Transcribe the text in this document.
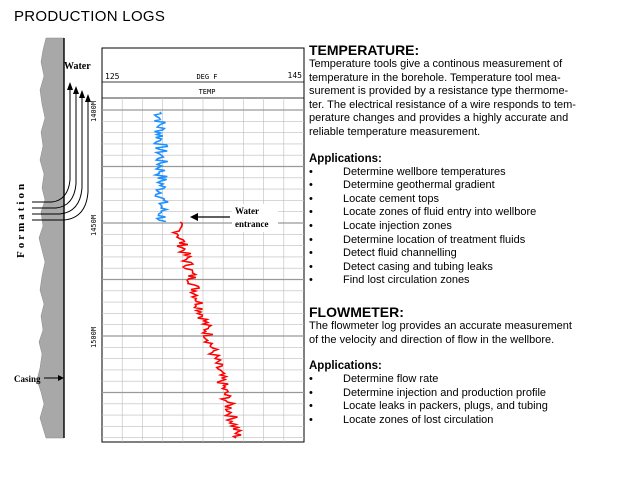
PRODUCTION LOGS
Water
Formation
Casing
125	DEG F	145
TEMP
1400M
1450M
1500M
Water
entrance
TEMPERATURE:
Temperature tools give a continous measurement of
temperature in the borehole. Temperature tool mea-
surement is provided by a resistance type thermome-
ter. The electrical resistance of a wire responds to tem-
perature changes and provides a highly accurate and
reliable temperature measurement.
Applications:
•	Determine wellbore temperatures
•	Determine geothermal gradient
•	Locate cement tops
•	Locate zones of fluid entry into wellbore
•	Locate injection zones
•	Determine location of treatment fluids
•	Detect fluid channelling
•	Detect casing and tubing leaks
•	Find lost circulation zones
FLOWMETER:
The flowmeter log provides an accurate measurement
of the velocity and direction of flow in the wellbore.
Applications:
•	Determine flow rate
•	Determine injection and production profile
•	Locate leaks in packers, plugs, and tubing
•	Locate zones of lost circulation
